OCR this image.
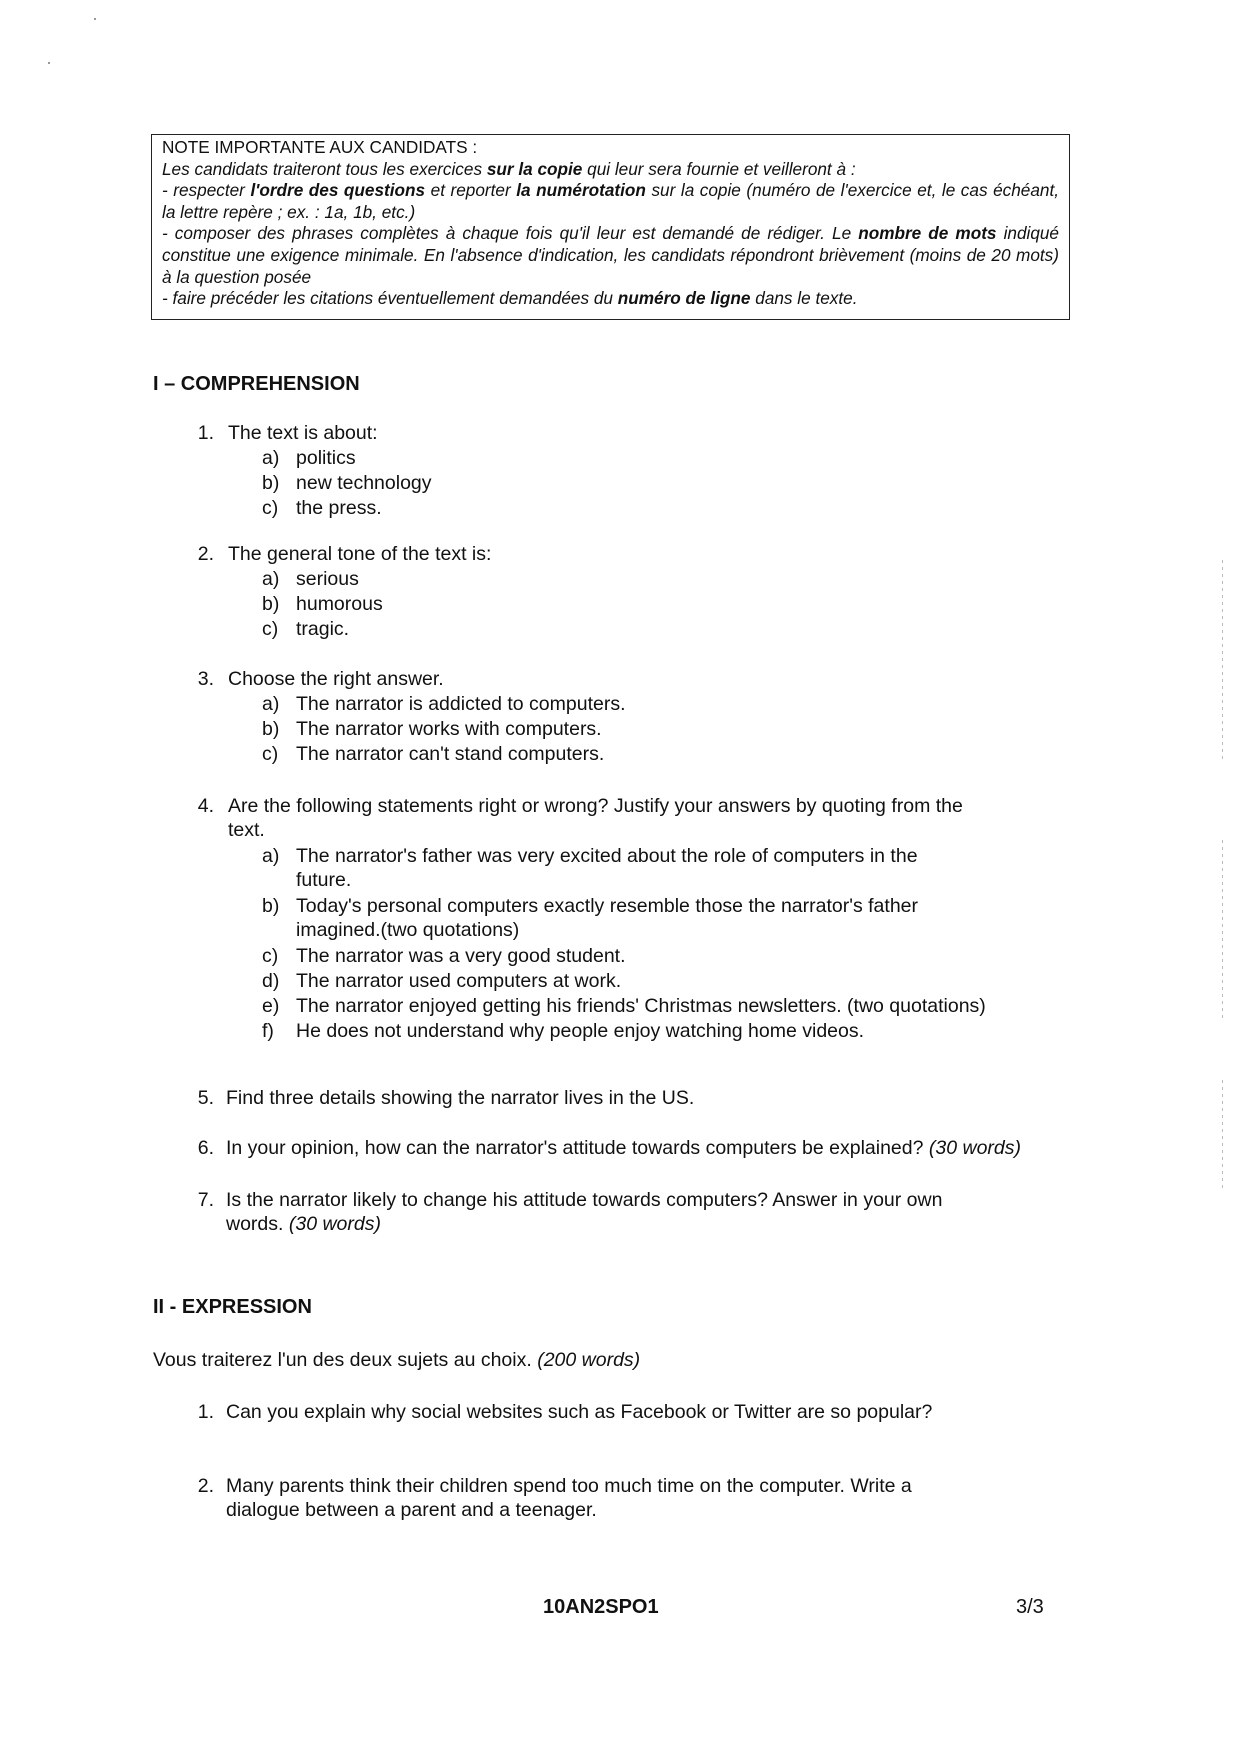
NOTE IMPORTANTE AUX CANDIDATS :

Les candidats traiteront tous les exercices sur la copie qui leur sera fournie et veilleront à :

- respecter l'ordre des questions et reporter la numérotation sur la copie (numéro de l'exercice et, le cas échéant, la lettre repère ; ex. : 1a, 1b, etc.)

- composer des phrases complètes à chaque fois qu'il leur est demandé de rédiger. Le nombre de mots indiqué constitue une exigence minimale. En l'absence d'indication, les candidats répondront brièvement (moins de 20 mots) à la question posée

- faire précéder les citations éventuellement demandées du numéro de ligne dans le texte.

I – COMPREHENSION
1. The text is about:
a) politics
b) new technology
c) the press.
2. The general tone of the text is:
a) serious
b) humorous
c) tragic.
3. Choose the right answer.
a) The narrator is addicted to computers.
b) The narrator works with computers.
c) The narrator can't stand computers.
4. Are the following statements right or wrong? Justify your answers by quoting from the
text.
a) The narrator's father was very excited about the role of computers in the
future.
b) Today's personal computers exactly resemble those the narrator's father
imagined.(two quotations)
c) The narrator was a very good student.
d) The narrator used computers at work.
e) The narrator enjoyed getting his friends' Christmas newsletters. (two quotations)
f)	He does not understand why people enjoy watching home videos.
5. Find three details showing the narrator lives in the US.
6. In your opinion, how can the narrator's attitude towards computers be explained? (30 words)
7. Is the narrator likely to change his attitude towards computers? Answer in your own
words. (30 words)
II - EXPRESSION
Vous traiterez l'un des deux sujets au choix. (200 words)
1. Can you explain why social websites such as Facebook or Twitter are so popular?
2. Many parents think their children spend too much time on the computer. Write a
dialogue between a parent and a teenager.
10AN2SPO1	3/3
